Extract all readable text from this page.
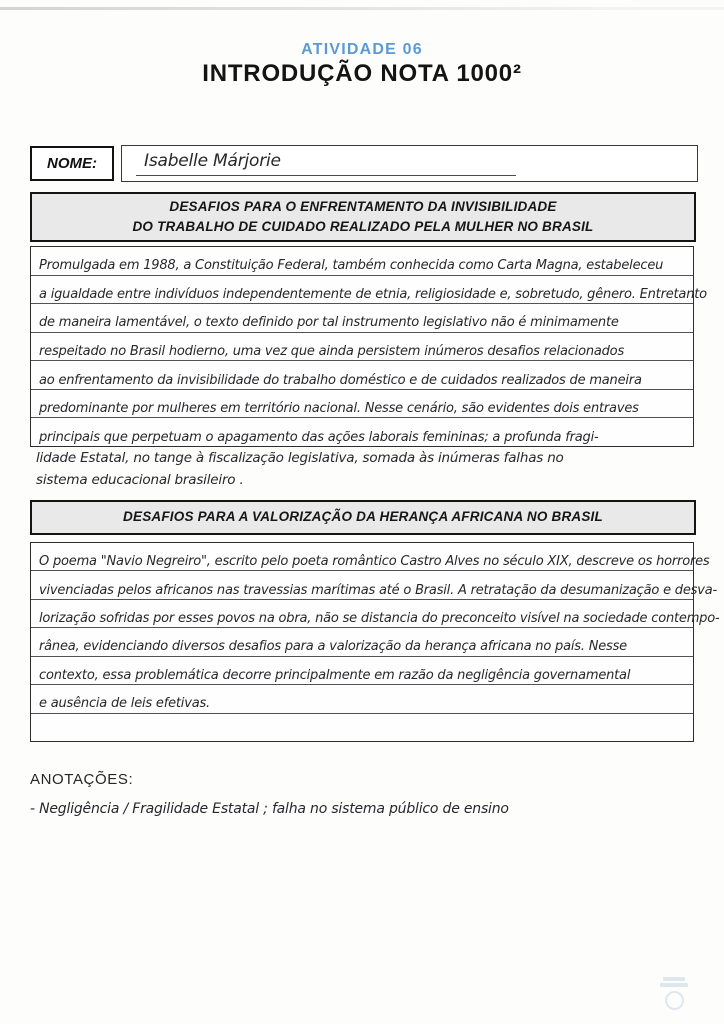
ATIVIDADE 06
INTRODUÇÃO NOTA 1000²
NOME:	Isabelle Márjorie
DESAFIOS PARA O ENFRENTAMENTO DA INVISIBILIDADE
DO TRABALHO DE CUIDADO REALIZADO PELA MULHER NO BRASIL
Promulgada em 1988, a Constituição Federal, também conhecida como Carta Magna, estabeleceu
a igualdade entre indivíduos independentemente de etnia, religiosidade e, sobretudo, gênero. Entretanto
de maneira lamentável, o texto definido por tal instrumento legislativo não é minimamente
respeitado no Brasil hodierno, uma vez que ainda persistem inúmeros desafios relacionados
ao enfrentamento da invisibilidade do trabalho doméstico e de cuidados realizados de maneira
predominante por mulheres em território nacional. Nesse cenário, são evidentes dois entraves
principais que perpetuam o apagamento das ações laborais femininas; a profunda fragi-
lidade Estatal, no tange à fiscalização legislativa, somada às inúmeras falhas no
sistema educacional brasileiro .
DESAFIOS PARA A VALORIZAÇÃO DA HERANÇA AFRICANA NO BRASIL
O poema "Navio Negreiro", escrito pelo poeta romântico Castro Alves no século XIX, descreve os horrores
vivenciadas pelos africanos nas travessias marítimas até o Brasil. A retratação da desumanização e desva-
lorização sofridas por esses povos na obra, não se distancia do preconceito visível na sociedade contempo-
rânea, evidenciando diversos desafios para a valorização da herança africana no país. Nesse
contexto, essa problemática decorre principalmente em razão da negligência governamental
e ausência de leis efetivas.
ANOTAÇÕES:
- Negligência / Fragilidade Estatal ; falha no sistema público de ensino
